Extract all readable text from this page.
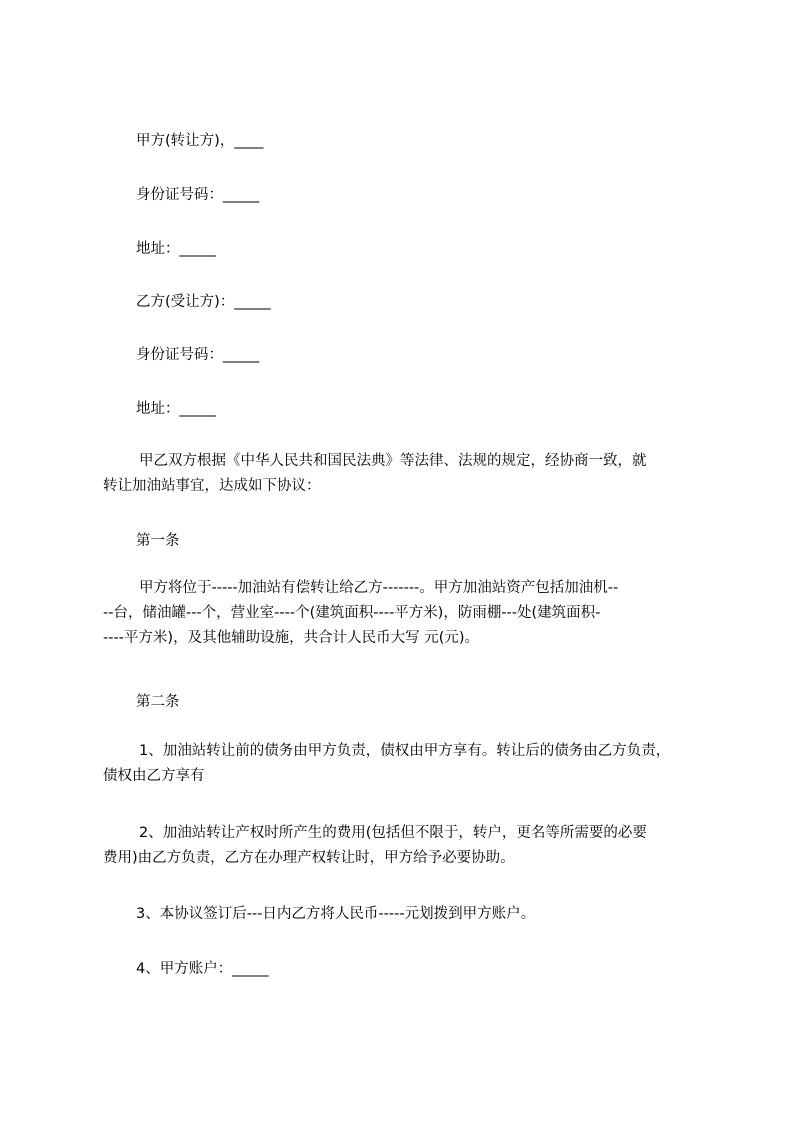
甲方(转让方)，____
身份证号码：_____
地址：_____
乙方(受让方)：_____
身份证号码：_____
地址：_____
甲乙双方根据《中华人民共和国民法典》等法律、法规的规定，经协商一致，就
转让加油站事宜，达成如下协议：
第一条
甲方将位于-----加油站有偿转让给乙方-------。甲方加油站资产包括加油机--
--台，储油罐---个，营业室----个(建筑面积----平方米)，防雨棚---处(建筑面积-
----平方米)，及其他辅助设施，共合计人民币大写 元(元)。
第二条
1、加油站转让前的债务由甲方负责，债权由甲方享有。转让后的债务由乙方负责，
债权由乙方享有
2、加油站转让产权时所产生的费用(包括但不限于，转户，更名等所需要的必要
费用)由乙方负责，乙方在办理产权转让时，甲方给予必要协助。
3、本协议签订后---日内乙方将人民币-----元划拨到甲方账户。
4、甲方账户：_____
